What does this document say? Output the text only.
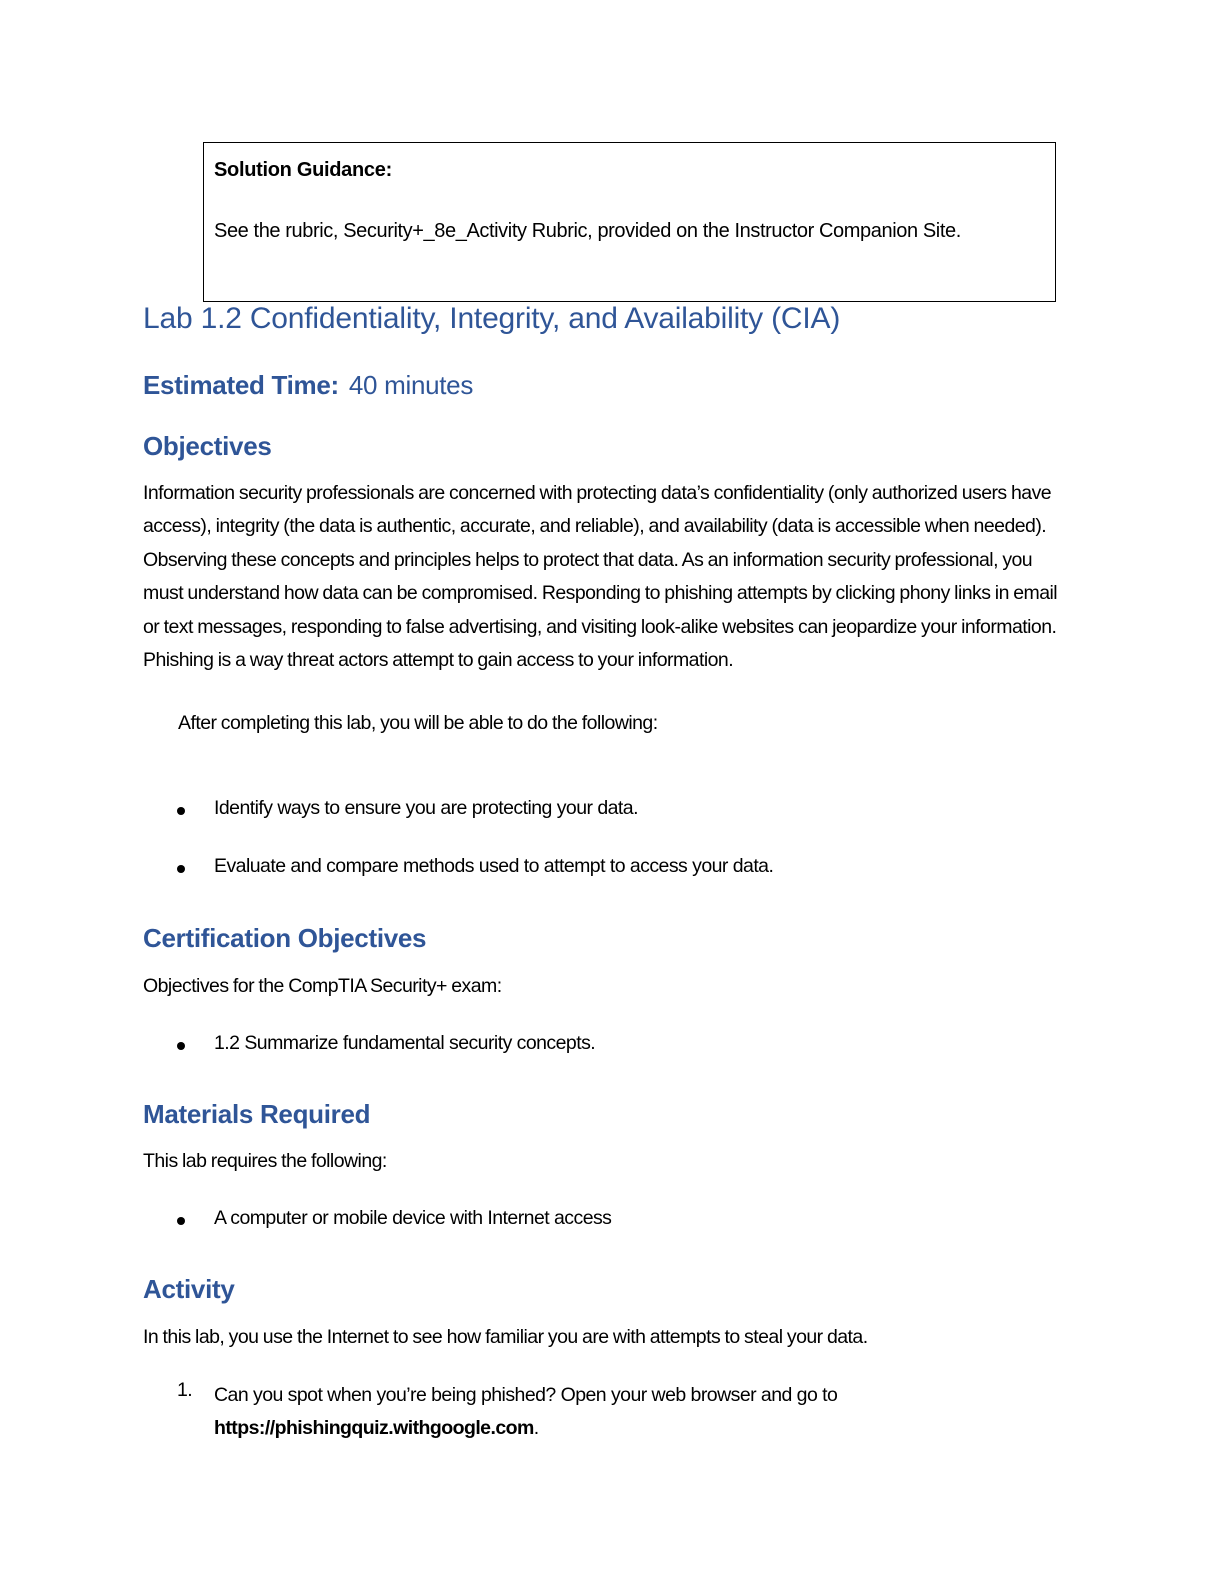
Solution Guidance:
See the rubric, Security+_8e_Activity Rubric, provided on the Instructor Companion Site.
Lab 1.2 Confidentiality, Integrity, and Availability (CIA)
Estimated Time: 40 minutes
Objectives
Information security professionals are concerned with protecting data’s confidentiality (only authorized users have access), integrity (the data is authentic, accurate, and reliable), and availability (data is accessible when needed). Observing these concepts and principles helps to protect that data. As an information security professional, you must understand how data can be compromised. Responding to phishing attempts by clicking phony links in email or text messages, responding to false advertising, and visiting look-alike websites can jeopardize your information. Phishing is a way threat actors attempt to gain access to your information.
After completing this lab, you will be able to do the following:
Identify ways to ensure you are protecting your data.
Evaluate and compare methods used to attempt to access your data.
Certification Objectives
Objectives for the CompTIA Security+ exam:
1.2 Summarize fundamental security concepts.
Materials Required
This lab requires the following:
A computer or mobile device with Internet access
Activity
In this lab, you use the Internet to see how familiar you are with attempts to steal your data.
1. Can you spot when you’re being phished? Open your web browser and go to
https://phishingquiz.withgoogle.com.
